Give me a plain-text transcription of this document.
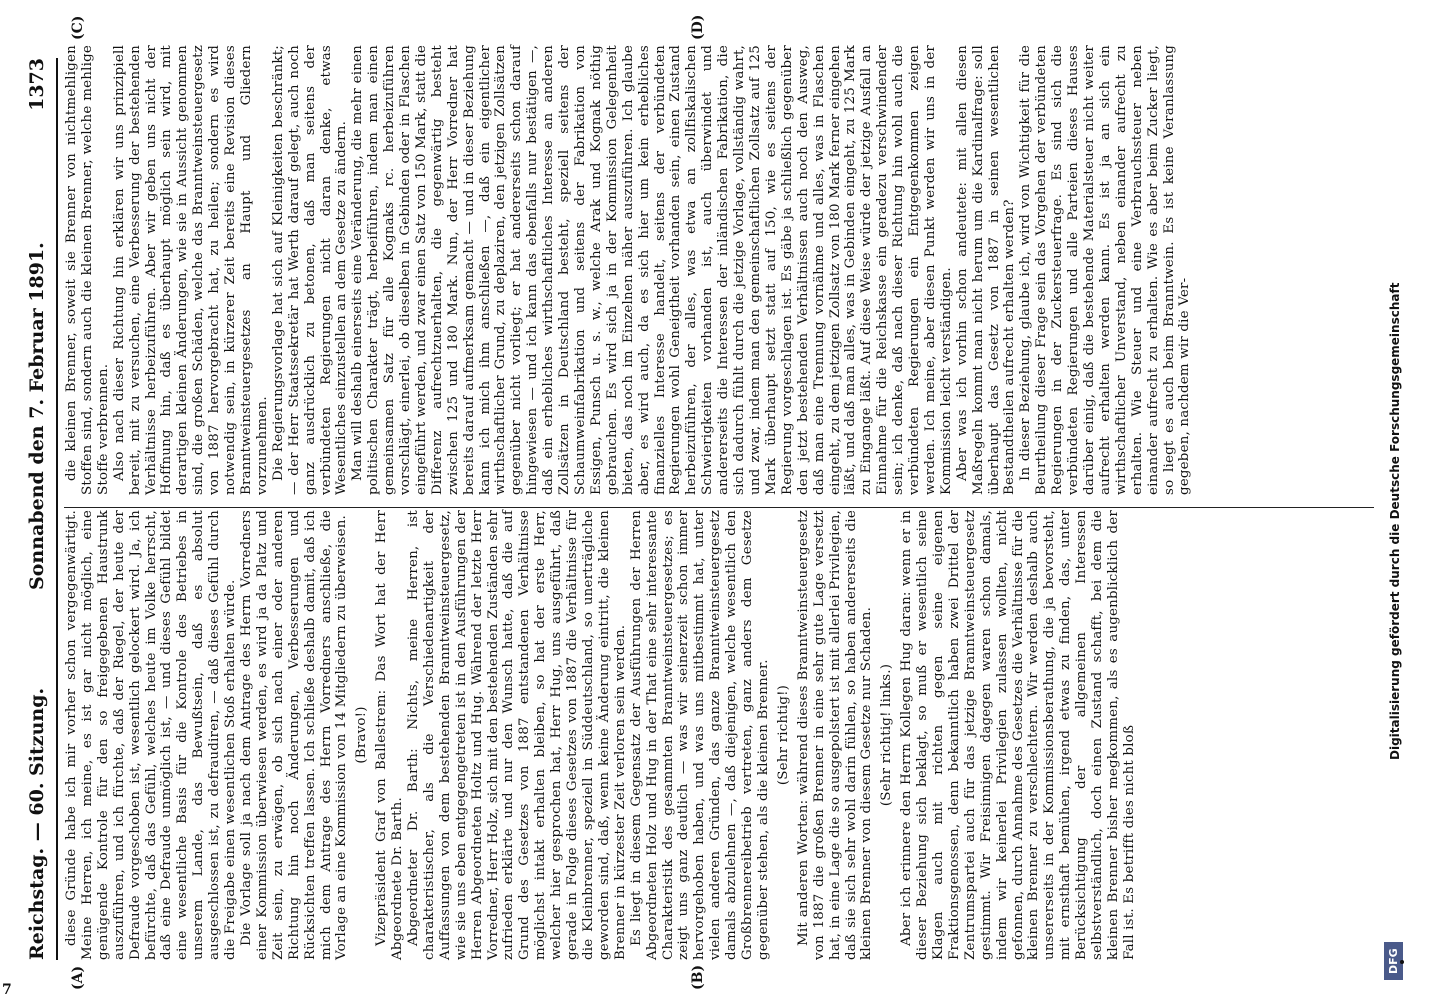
Reichstag. — 60. Sitzung.
Sonnabend den 7. Februar 1891.
1373
(A)	(B)
(C)	(D)

diese Gründe habe ich mir vorher schon vergegenwärtigt. Meine Herren, ich meine, es ist gar nicht möglich, eine genügende Kontrole für den so freigegebenen Haustrunk auszuführen, und ich fürchte, daß der Riegel, der heute der Defraude vorgeschoben ist, wesentlich gelockert wird. Ja, ich befürchte, daß das Gefühl, welches heute im Volke herrscht, daß eine Defraude unmöglich ist, — und dieses Gefühl bildet eine wesentliche Basis für die Kontrole des Betriebes in unserem Lande, das Bewußtsein, daß es absolut ausgeschlossen ist, zu defraudiren, — daß dieses Gefühl durch die Freigabe einen wesentlichen Stoß erhalten würde. Die Vorlage soll ja nach dem Antrage des Herrn Vorredners einer Kommission überwiesen werden, es wird ja da Platz und Zeit sein, zu erwägen, ob sich nach einer oder anderen Richtung hin noch Änderungen, Verbesserungen und Rücksichten treffen lassen. Ich schließe deshalb damit, daß ich mich dem Antrage des Herrn Vorredners anschließe, die Vorlage an eine Kommission von 14 Mitgliedern zu überweisen. (Bravo!) Vizepräsident Graf von Ballestrem: Das Wort hat der Herr Abgeordnete Dr. Barth. Abgeordneter Dr. Barth: Nichts, meine Herren, ist charakteristischer, als die Verschiedenartigkeit der Auffassungen von dem bestehenden Branntweinsteuergesetz, wie sie uns eben entgegengetreten ist in den Ausführungen der Herren Abgeordneten Holtz und Hug. Während der letzte Herr Vorredner, Herr Holz, sich mit den bestehenden Zuständen sehr zufrieden erklärte und nur den Wunsch hatte, daß die auf Grund des Gesetzes von 1887 entstandenen Verhältnisse möglichst intakt erhalten bleiben, so hat der erste Herr, welcher hier gesprochen hat, Herr Hug, uns ausgeführt, daß gerade in Folge dieses Gesetzes von 1887 die Verhältnisse für die Kleinbrenner, speziell in Süddeutschland, so unerträgliche geworden sind, daß, wenn keine Änderung eintritt, die kleinen Brenner in kürzester Zeit verloren sein werden. Es liegt in diesem Gegensatz der Ausführungen der Herren Abgeordneten Holz und Hug in der That eine sehr interessante Charakteristik des gesammten Branntweinsteuergesetzes; es zeigt uns ganz deutlich — was wir seinerzeit schon immer hervorgehoben haben, und was uns mitbestimmt hat, unter vielen anderen Gründen, das ganze Branntweinsteuergesetz damals abzulehnen —, daß diejenigen, welche wesentlich den Großbrennereibetrieb vertreten, ganz anders dem Gesetze gegenüber stehen, als die kleinen Brenner. (Sehr richtig!) Mit anderen Worten: während dieses Branntweinsteuergesetz von 1887 die großen Brenner in eine sehr gute Lage versetzt hat, in eine Lage die so ausgepolstert ist mit allerlei Privilegien, daß sie sich sehr wohl darin fühlen, so haben andererseits die kleinen Brenner von diesem Gesetze nur Schaden. (Sehr richtig! links.) Aber ich erinnere den Herrn Kollegen Hug daran: wenn er in dieser Beziehung sich beklagt, so muß er wesentlich seine Klagen auch mit richten gegen seine eigenen Fraktionsgenossen, denn bekanntlich haben zwei Drittel der Zentrumspartei auch für das jetzige Branntweinsteuergesetz gestimmt. Wir Freisinnigen dagegen waren schon damals, indem wir keinerlei Privilegien zulassen wollten, nicht gefonnen, durch Annahme des Gesetzes die Verhältnisse für die kleinen Brenner zu verschlechtern. Wir werden deshalb auch unsererseits in der Kommissionsberathung, die ja bevorsteht, mit ernsthaft bemühen, irgend etwas zu finden, das, unter Berücksichtigung der allgemeinen Interessen selbstverständlich, doch einen Zustand schafft, bei dem die kleinen Brenner bisher megkommen, als es augenblicklich der Fall ist. Es betrifft dies nicht bloß

die kleinen Brenner, soweit sie Brenner von nichtmehligen Stoffen sind, sondern auch die kleinen Brenner, welche mehlige Stoffe verbrennen. Also nach dieser Richtung hin erklären wir uns prinzipiell bereit, mit zu versuchen, eine Verbesserung der bestehenden Verhältnisse herbeizuführen. Aber wir geben uns nicht der Hoffnung hin, daß es überhaupt möglich sein wird, mit derartigen kleinen Änderungen, wie sie in Aussicht genommen sind, die großen Schäden, welche das Branntweinsteuergesetz von 1887 hervorgebracht hat, zu heilen; sondern es wird notwendig sein, in kürzerer Zeit bereits eine Revision dieses Branntweinsteuergesetzes an Haupt und Gliedern vorzunehmen. Die Regierungsvorlage hat sich auf Kleinigkeiten beschränkt; — der Herr Staatssekretär hat Werth darauf gelegt, auch noch ganz ausdrücklich zu betonen, daß man seitens der verbündeten Regierungen nicht daran denke, etwas Wesentliches einzustellen an dem Gesetze zu ändern. Man will deshalb einerseits eine Veränderung, die mehr einen politischen Charakter trägt, herbeiführen, indem man einen gemeinsamen Satz für alle Kognaks rc. herbeizuführen vorschlägt, einerlei, ob dieselben in Gebinden oder in Flaschen eingeführt werden, und zwar einen Satz von 150 Mark, statt die Differenz aufrechtzuerhalten, die gegenwärtig besteht zwischen 125 und 180 Mark. Nun, der Herr Vorredner hat bereits darauf aufmerksam gemacht — und in dieser Beziehung kann ich mich ihm anschließen —, daß ein eigentlicher wirthschaftlicher Grund, zu deplaziren, den jetzigen Zollsätzen gegenüber nicht vorliegt; er hat andererseits schon darauf hingewiesen — und ich kann das ebenfalls nur bestätigen —, daß ein erhebliches wirthschaftliches Interesse an anderen Zollsätzen in Deutschland besteht, speziell seitens der Schaumweinfabrikation und seitens der Fabrikation von Essigen, Punsch u. s. w., welche Arak und Kognak nöthig gebrauchen. Es wird sich ja in der Kommission Gelegenheit bieten, das noch im Einzelnen näher auszuführen. Ich glaube aber, es wird auch, da es sich hier um kein erhebliches finanzielles Interesse handelt, seitens der verbündeten Regierungen wohl Geneigtheit vorhanden sein, einen Zustand herbeizuführen, der alles, was etwa an zollfiskalischen Schwierigkeiten vorhanden ist, auch überwindet und andererseits die Interessen der inländischen Fabrikation, die sich dadurch fühlt durch die jetzige Vorlage, vollständig wahrt, und zwar, indem man den gemeinschaftlichen Zollsatz auf 125 Mark überhaupt setzt statt auf 150, wie es seitens der Regierung vorgeschlagen ist. Es gäbe ja schließlich gegenüber den jetzt bestehenden Verhältnissen auch noch den Ausweg, daß man eine Trennung vornähme und alles, was in Flaschen eingeht, zu dem jetzigen Zollsatz von 180 Mark ferner eingehen läßt, und daß man alles, was in Gebinden eingeht, zu 125 Mark zu Eingange läßt. Auf diese Weise würde der jetzige Ausfall an Einnahme für die Reichskasse ein geradezu verschwindender sein; ich denke, daß nach dieser Richtung hin wohl auch die verbündeten Regierungen ein Entgegenkommen zeigen werden. Ich meine, aber diesen Punkt werden wir uns in der Kommission leicht verständigen. Aber was ich vorhin schon andeutete: mit allen diesen Maßregeln kommt man nicht herum um die Kardinalfrage: soll überhaupt das Gesetz von 1887 in seinen wesentlichen Bestandtheilen aufrecht erhalten werden? In dieser Beziehung, glaube ich, wird von Wichtigkeit für die Beurtheilung dieser Frage sein das Vorgehen der verbündeten Regierungen in der Zuckersteuerfrage. Es sind sich die verbündeten Regierungen und alle Parteien dieses Hauses darüber einig, daß die bestehende Materialsteuer nicht weiter aufrecht erhalten werden kann. Es ist ja an sich ein wirthschaftlicher Unverstand, neben einander aufrecht zu erhalten. Wie Steuer und eine Verbrauchssteuer neben einander aufrecht zu erhalten. Wie es aber beim Zucker liegt, so liegt es auch beim Branntwein. Es ist keine Veranlassung gegeben, nachdem wir die Ver-

DFG
Digitalisierung gefördert durch die Deutsche Forschungsgemeinschaft
7
